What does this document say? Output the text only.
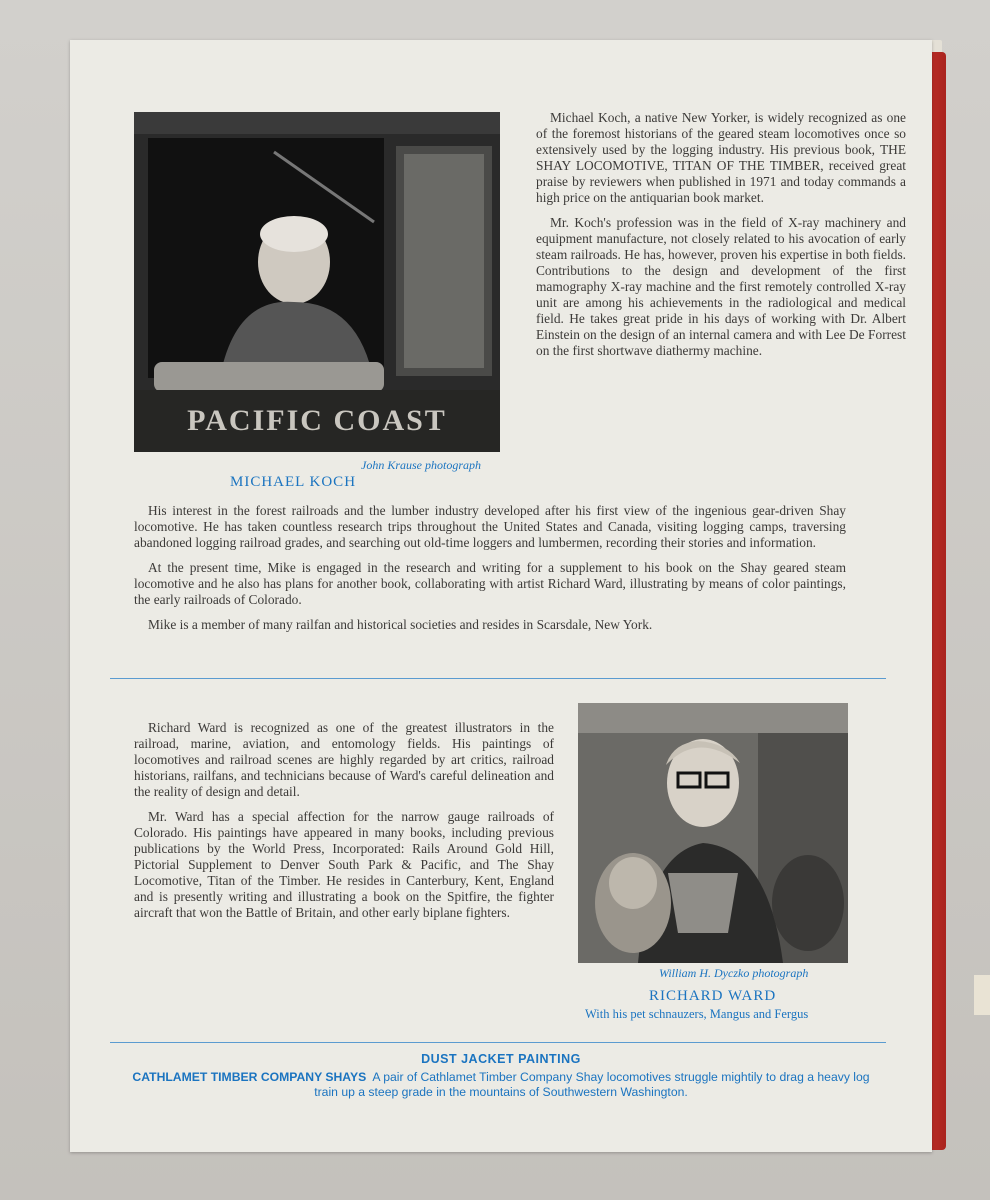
PACIFIC COAST
John Krause photograph
MICHAEL KOCH

Michael Koch, a native New Yorker, is widely recognized as one of the foremost historians of the geared steam locomotives once so extensively used by the logging industry. His previous book, THE SHAY LOCOMOTIVE, TITAN OF THE TIMBER, received great praise by reviewers when published in 1971 and today commands a high price on the antiquarian book market.

Mr. Koch's profession was in the field of X-ray machinery and equipment manufacture, not closely related to his avocation of early steam railroads. He has, however, proven his expertise in both fields. Contributions to the design and development of the first mamography X-ray machine and the first remotely controlled X-ray unit are among his achievements in the radiological and medical field. He takes great pride in his days of working with Dr. Albert Einstein on the design of an internal camera and with Lee De Forrest on the first shortwave diathermy machine.

His interest in the forest railroads and the lumber industry developed after his first view of the ingenious gear-driven Shay locomotive. He has taken countless research trips throughout the United States and Canada, visiting logging camps, traversing abandoned logging railroad grades, and searching out old-time loggers and lumbermen, recording their stories and information.

At the present time, Mike is engaged in the research and writing for a supplement to his book on the Shay geared steam locomotive and he also has plans for another book, collaborating with artist Richard Ward, illustrating by means of color paintings, the early railroads of Colorado.

Mike is a member of many railfan and historical societies and resides in Scarsdale, New York.

Richard Ward is recognized as one of the greatest illustrators in the railroad, marine, aviation, and entomology fields. His paintings of locomotives and railroad scenes are highly regarded by art critics, railroad historians, railfans, and technicians because of Ward's careful delineation and the reality of design and detail.

Mr. Ward has a special affection for the narrow gauge railroads of Colorado. His paintings have appeared in many books, including previous publications by the World Press, Incorporated: Rails Around Gold Hill, Pictorial Supplement to Denver South Park & Pacific, and The Shay Locomotive, Titan of the Timber. He resides in Canterbury, Kent, England and is presently writing and illustrating a book on the Spitfire, the fighter aircraft that won the Battle of Britain, and other early biplane fighters.

William H. Dyczko photograph
RICHARD WARD
With his pet schnauzers, Mangus and Fergus
DUST JACKET PAINTING
CATHLAMET TIMBER COMPANY SHAYS A pair of Cathlamet Timber Company Shay locomotives struggle mightily to drag a heavy log train up a steep grade in the mountains of Southwestern Washington.
